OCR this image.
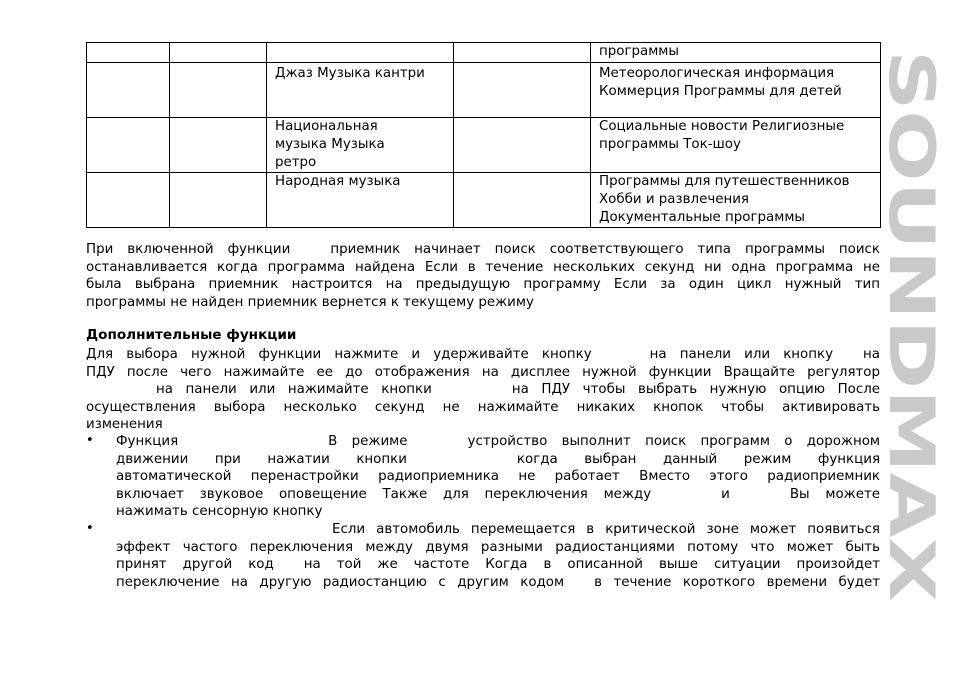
				программы

		Джаз Музыка кантри		Метеорологическая информация
Коммерция Программы для детей

		Национальная
музыка Музыка
ретро		Социальные новости Религиозные
программы Ток-шоу

		Народная музыка		Программы для путешественников
Хобби и развлечения
Документальные программы
При включенной функции	приемник начинает поиск соответствующего типа программы поиск
останавливается когда программа найдена Если в течение нескольких секунд ни одна программа не
была выбрана приемник настроится на предыдущую программу Если за один цикл нужный тип
программы не найден приемник вернется к текущему режиму
Дополнительные функции
Для выбора нужной функции нажмите и удерживайте кнопку	на панели или кнопку на
ПДУ после чего нажимайте ее до отображения на дисплее нужной функции Вращайте регулятор
на панели или нажимайте кнопки	на ПДУ чтобы выбрать нужную опцию После
осуществления выбора несколько секунд не нажимайте никаких кнопок чтобы активировать
изменения
•	Функция	В режиме	устройство выполнит поиск программ о дорожном
движении при нажатии кнопки	когда выбран данный режим функция
автоматической перенастройки радиоприемника не работает Вместо этого радиоприемник
включает звуковое оповещение Также для переключения между	и	Вы можете
нажимать сенсорную кнопку
•	Если автомобиль перемещается в критической зоне может появиться
эффект частого переключения между двумя разными радиостанциями потому что может быть
принят другой код на той же частоте Когда в описанной выше ситуации произойдет
переключение на другую радиостанцию с другим кодом в течение короткого времени будет
SOUNDMAX
